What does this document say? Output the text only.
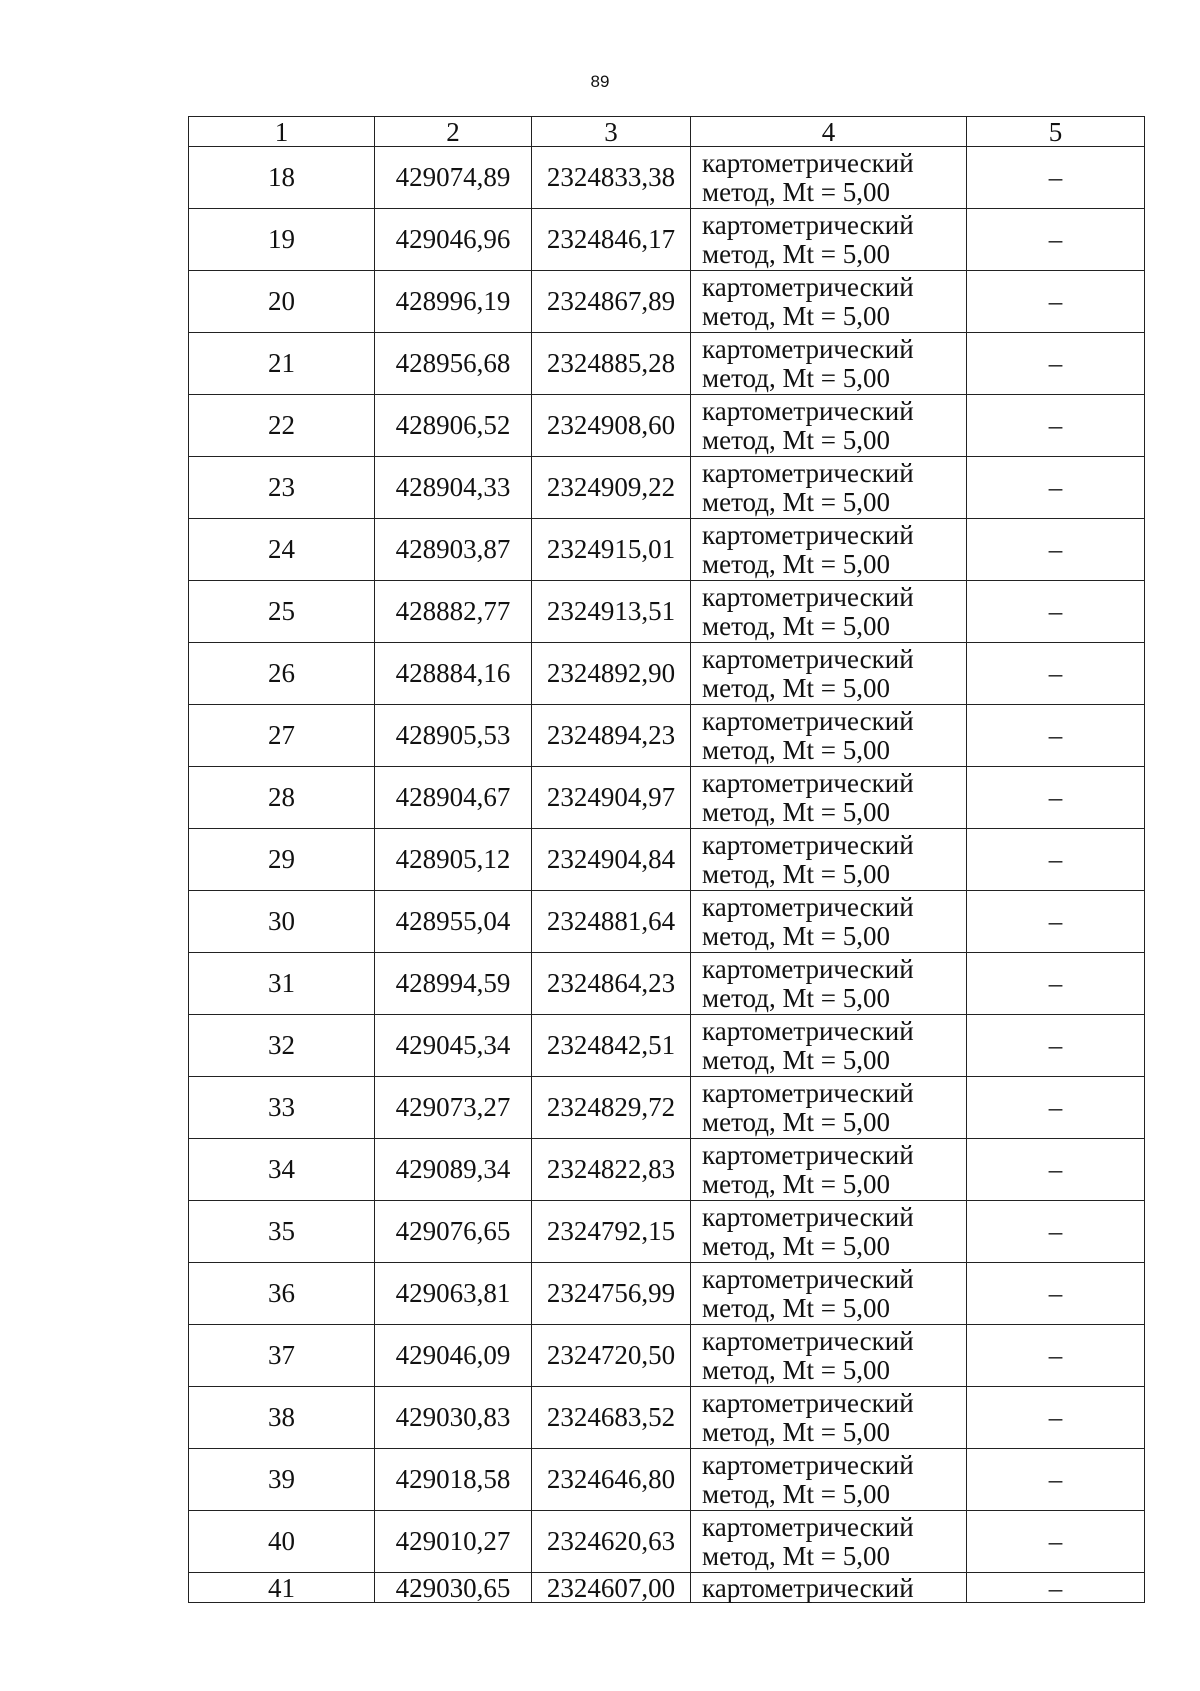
89
1	2	3	4	5
18	429074,89	2324833,38	картометрический
метод, Mt = 5,00	–
19	429046,96	2324846,17	картометрический
метод, Mt = 5,00	–
20	428996,19	2324867,89	картометрический
метод, Mt = 5,00	–
21	428956,68	2324885,28	картометрический
метод, Mt = 5,00	–
22	428906,52	2324908,60	картометрический
метод, Mt = 5,00	–
23	428904,33	2324909,22	картометрический
метод, Mt = 5,00	–
24	428903,87	2324915,01	картометрический
метод, Mt = 5,00	–
25	428882,77	2324913,51	картометрический
метод, Mt = 5,00	–
26	428884,16	2324892,90	картометрический
метод, Mt = 5,00	–
27	428905,53	2324894,23	картометрический
метод, Mt = 5,00	–
28	428904,67	2324904,97	картометрический
метод, Mt = 5,00	–
29	428905,12	2324904,84	картометрический
метод, Mt = 5,00	–
30	428955,04	2324881,64	картометрический
метод, Mt = 5,00	–
31	428994,59	2324864,23	картометрический
метод, Mt = 5,00	–
32	429045,34	2324842,51	картометрический
метод, Mt = 5,00	–
33	429073,27	2324829,72	картометрический
метод, Mt = 5,00	–
34	429089,34	2324822,83	картометрический
метод, Mt = 5,00	–
35	429076,65	2324792,15	картометрический
метод, Mt = 5,00	–
36	429063,81	2324756,99	картометрический
метод, Mt = 5,00	–
37	429046,09	2324720,50	картометрический
метод, Mt = 5,00	–
38	429030,83	2324683,52	картометрический
метод, Mt = 5,00	–
39	429018,58	2324646,80	картометрический
метод, Mt = 5,00	–
40	429010,27	2324620,63	картометрический
метод, Mt = 5,00	–
41	429030,65	2324607,00	картометрический	–
